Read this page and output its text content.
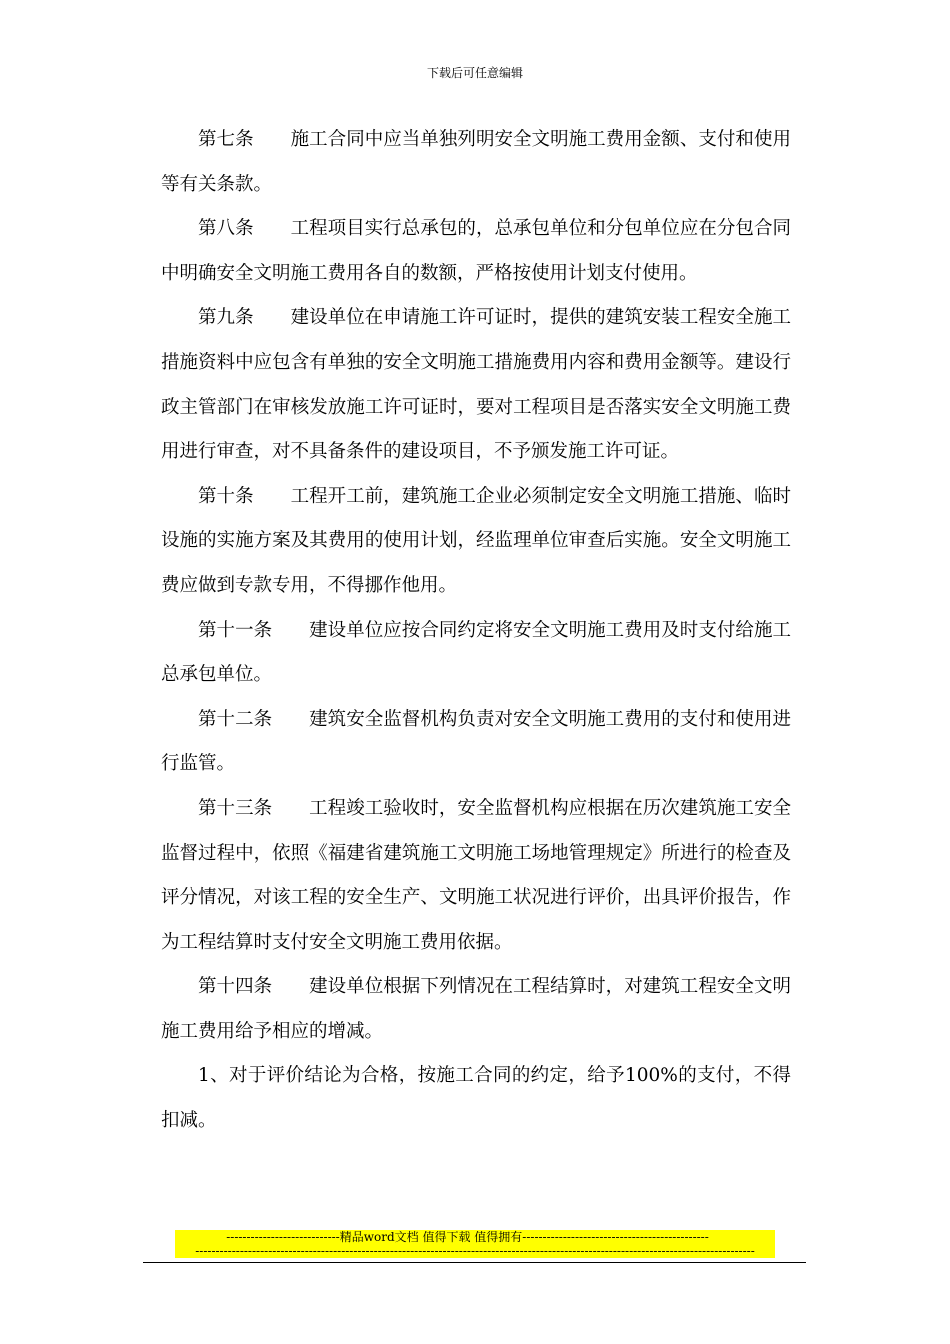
下载后可任意编辑

第七条 施工合同中应当单独列明安全文明施工费用金额、支付和使用等有关条款。

第八条 工程项目实行总承包的，总承包单位和分包单位应在分包合同中明确安全文明施工费用各自的数额，严格按使用计划支付使用。

第九条 建设单位在申请施工许可证时，提供的建筑安装工程安全施工措施资料中应包含有单独的安全文明施工措施费用内容和费用金额等。建设行政主管部门在审核发放施工许可证时，要对工程项目是否落实安全文明施工费用进行审查，对不具备条件的建设项目，不予颁发施工许可证。

第十条 工程开工前，建筑施工企业必须制定安全文明施工措施、临时设施的实施方案及其费用的使用计划，经监理单位审查后实施。安全文明施工费应做到专款专用，不得挪作他用。

第十一条 建设单位应按合同约定将安全文明施工费用及时支付给施工总承包单位。

第十二条 建筑安全监督机构负责对安全文明施工费用的支付和使用进行监管。

第十三条 工程竣工验收时，安全监督机构应根据在历次建筑施工安全监督过程中，依照《福建省建筑施工文明施工场地管理规定》所进行的检查及评分情况，对该工程的安全生产、文明施工状况进行评价，出具评价报告，作为工程结算时支付安全文明施工费用依据。

第十四条 建设单位根据下列情况在工程结算时，对建筑工程安全文明施工费用给予相应的增减。

1、对于评价结论为合格，按施工合同的约定，给予100%的支付，不得扣减。

----------------------------精品word文档 值得下载 值得拥有----------------------------------------------
------------------------------------------------------------------------------------------------------------------------------------------
